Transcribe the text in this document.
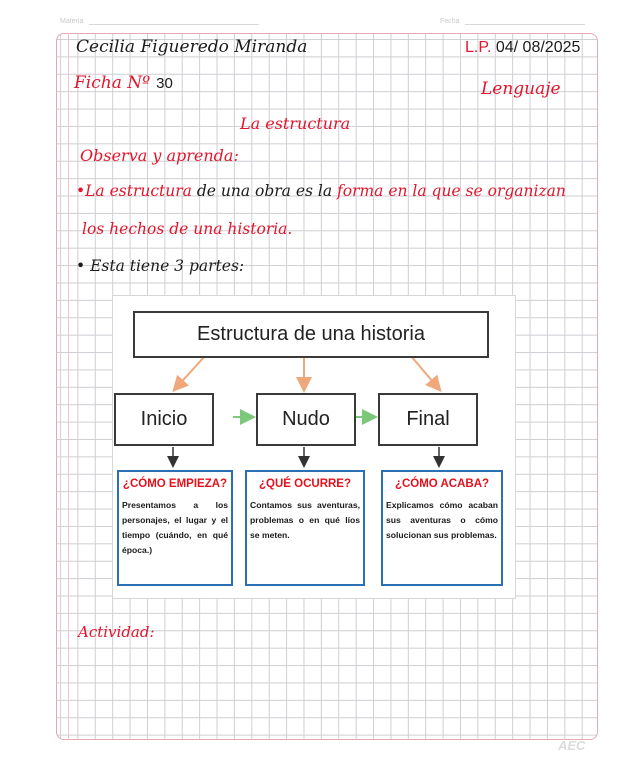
Materia	Fecha
Cecilia Figueredo Miranda	L.P. 04/ 08/2025
Ficha Nº 30	Lenguaje
La estructura
Observa y aprenda:
•La estructura de una obra es la forma en la que se organizan
los hechos de una historia.
• Esta tiene 3 partes:
Estructura de una historia
Inicio	Nudo	Final
¿CÓMO EMPIEZA?
Presentamos a los personajes, el lugar y el tiempo (cuándo, en qué época.)
¿QUÉ OCURRE?
Contamos sus aventuras, problemas o en qué líos se meten.
¿CÓMO ACABA?
Explicamos cómo acaban sus aventuras o cómo solucionan sus problemas.
Actividad:
AEC
